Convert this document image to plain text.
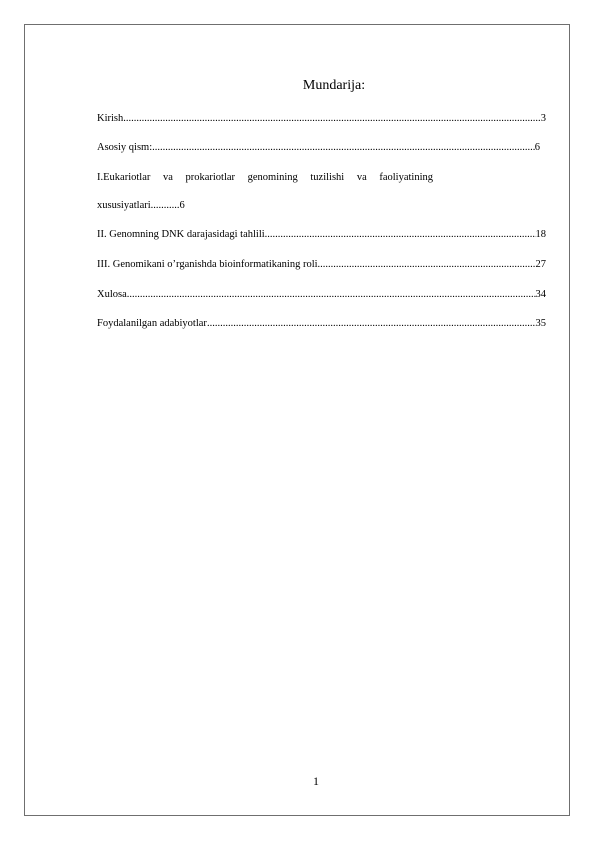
Mundarija:
Kirish .....	3
Asosiy qism: .....	6
I.Eukariotlar va prokariotlar genomining tuzilishi va faoliyatining
xususiyatlari...........6
II. Genomning DNK darajasidagi tahlili .....	18
III. Genomikani o’rganishda bioinformatikaning roli .....	27
Xulosa .....	34
Foydalanilgan adabiyotlar .....	35
1
